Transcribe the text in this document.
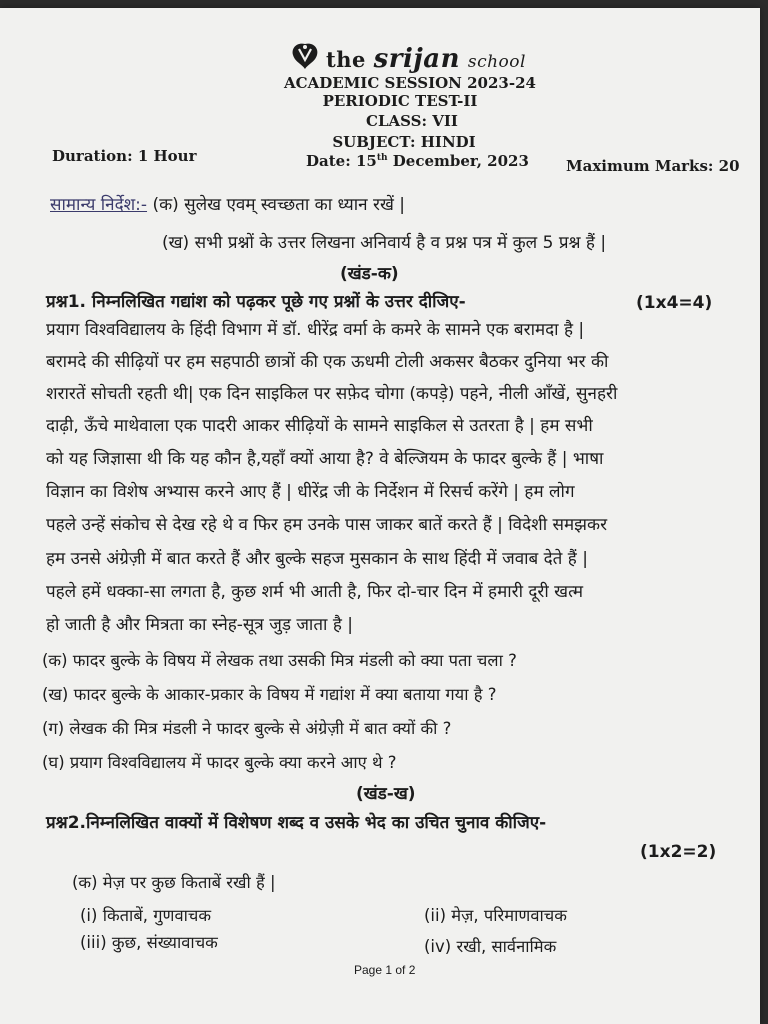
the srijan school
ACADEMIC SESSION 2023-24
PERIODIC TEST-II
CLASS: VII
SUBJECT: HINDI
Duration: 1 Hour	Date: 15th December, 2023 Maximum Marks: 20
सामान्य निर्देश:- (क) सुलेख एवम् स्वच्छता का ध्यान रखें |
(ख) सभी प्रश्नों के उत्तर लिखना अनिवार्य है व प्रश्न पत्र में कुल 5 प्रश्न हैं |
(खंड-क)
प्रश्न1. निम्नलिखित गद्यांश को पढ़कर पूछे गए प्रश्नों के उत्तर दीजिए-	(1x4=4)
प्रयाग विश्वविद्यालय के हिंदी विभाग में डॉ. धीरेंद्र वर्मा के कमरे के सामने एक बरामदा है |
बरामदे की सीढ़ियों पर हम सहपाठी छात्रों की एक ऊधमी टोली अकसर बैठकर दुनिया भर की
शरारतें सोचती रहती थी| एक दिन साइकिल पर सफ़ेद चोगा (कपड़े) पहने, नीली आँखें, सुनहरी
दाढ़ी, ऊँचे माथेवाला एक पादरी आकर सीढ़ियों के सामने साइकिल से उतरता है | हम सभी
को यह जिज्ञासा थी कि यह कौन है,यहाँ क्यों आया है? वे बेल्जियम के फादर बुल्के हैं | भाषा
विज्ञान का विशेष अभ्यास करने आए हैं | धीरेंद्र जी के निर्देशन में रिसर्च करेंगे | हम लोग
पहले उन्हें संकोच से देख रहे थे व फिर हम उनके पास जाकर बातें करते हैं | विदेशी समझकर
हम उनसे अंग्रेज़ी में बात करते हैं और बुल्के सहज मुसकान के साथ हिंदी में जवाब देते हैं |
पहले हमें धक्का-सा लगता है, कुछ शर्म भी आती है, फिर दो-चार दिन में हमारी दूरी खत्म
हो जाती है और मित्रता का स्नेह-सूत्र जुड़ जाता है |
(क) फादर बुल्के के विषय में लेखक तथा उसकी मित्र मंडली को क्या पता चला ?
(ख) फादर बुल्के के आकार-प्रकार के विषय में गद्यांश में क्या बताया गया है ?
(ग) लेखक की मित्र मंडली ने फादर बुल्के से अंग्रेज़ी में बात क्यों की ?
(घ) प्रयाग विश्वविद्यालय में फादर बुल्के क्या करने आए थे ?
(खंड-ख)
प्रश्न2.निम्नलिखित वाक्यों में विशेषण शब्द व उसके भेद का उचित चुनाव कीजिए-
(1x2=2)
(क) मेज़ पर कुछ किताबें रखी हैं |
(i) किताबें, गुणवाचक	(ii) मेज़, परिमाणवाचक
(iii) कुछ, संख्यावाचक	(iv) रखी, सार्वनामिक
Page 1 of 2
